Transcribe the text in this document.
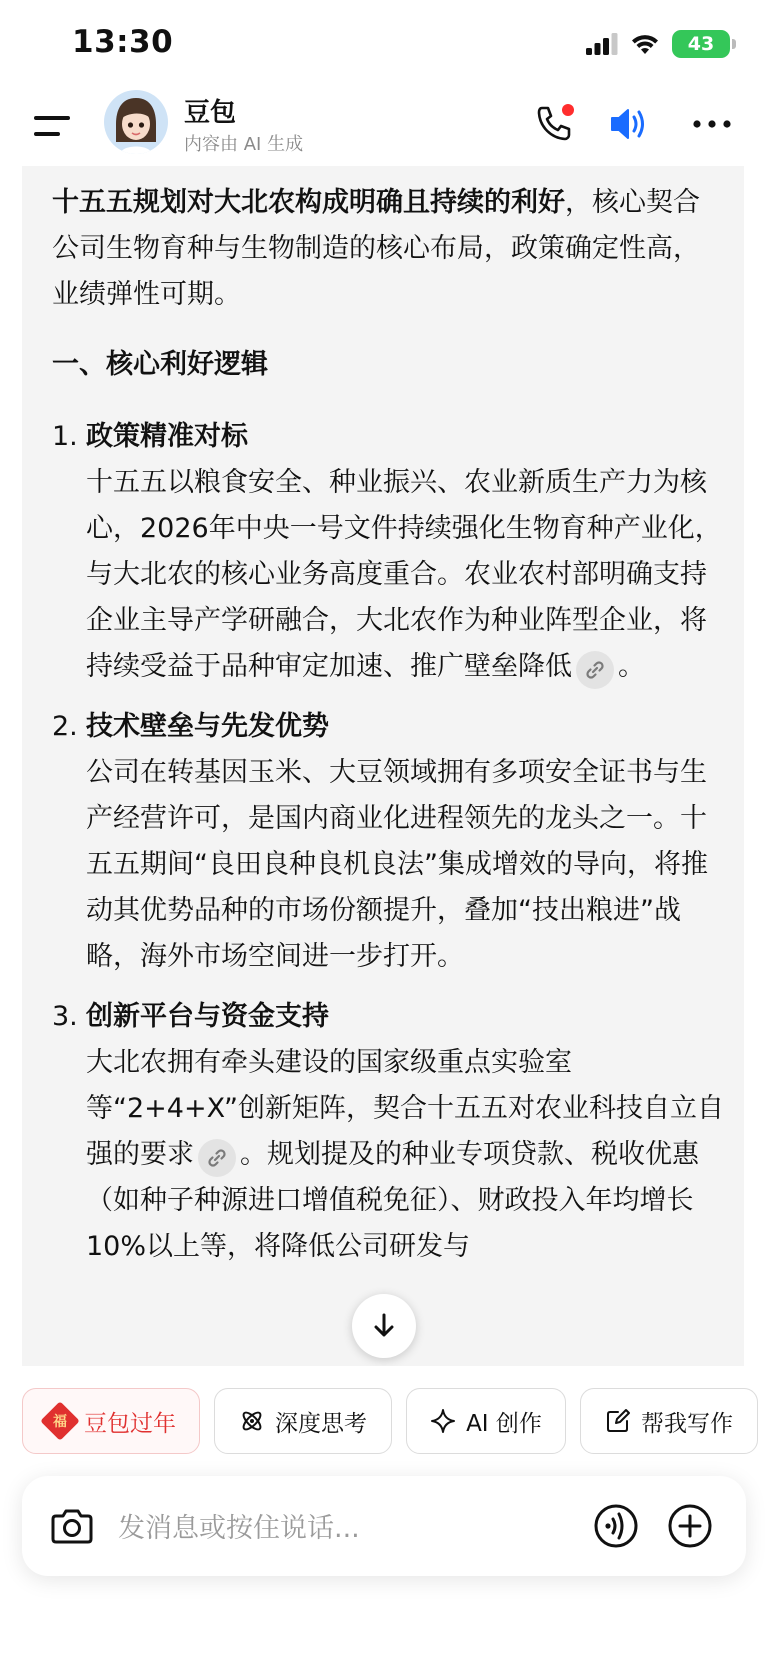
13:30	43
豆包
内容由 AI 生成

十五五规划对大北农构成明确且持续的利好，核心契合公司生物育种与生物制造的核心布局，政策确定性高，业绩弹性可期。

一、核心利好逻辑

1. 政策精准对标
十五五以粮食安全、种业振兴、农业新质生产力为核心，2026年中央一号文件持续强化生物育种产业化，与大北农的核心业务高度重合。农业农村部明确支持企业主导产学研融合，大北农作为种业阵型企业，将持续受益于品种审定加速、推广壁垒降低 。
2. 技术壁垒与先发优势
公司在转基因玉米、大豆领域拥有多项安全证书与生产经营许可，是国内商业化进程领先的龙头之一。十五五期间“良田良种良机良法”集成增效的导向，将推动其优势品种的市场份额提升，叠加“技出粮进”战略，海外市场空间进一步打开。
3. 创新平台与资金支持
大北农拥有牵头建设的国家级重点实验室等“2+4+X”创新矩阵，契合十五五对农业科技自立自强的要求 。规划提及的种业专项贷款、税收优惠（如种子种源进口增值税免征）、财政投入年均增长10%以上等，将降低公司研发与
福 豆包过年	深度思考	AI 创作	帮我写作
发消息或按住说话...
